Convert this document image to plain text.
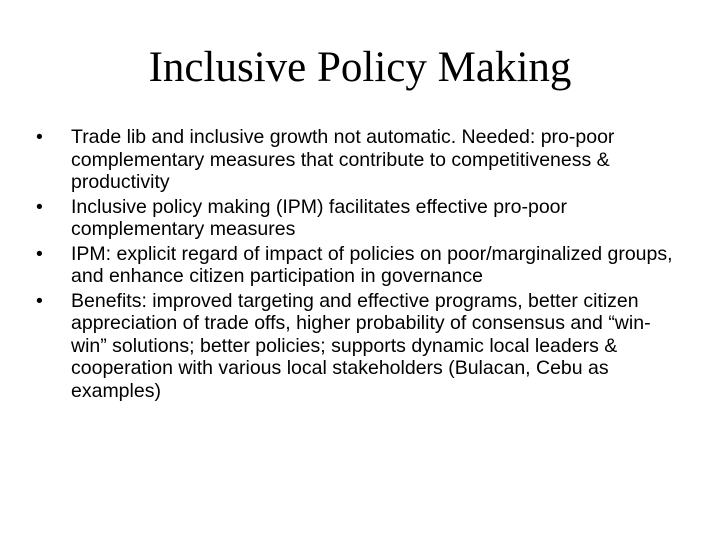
Inclusive Policy Making
•	Trade lib and inclusive growth not automatic. Needed: pro-poor complementary measures that contribute to competitiveness & productivity
•	Inclusive policy making (IPM) facilitates effective pro-poor complementary measures
•	IPM: explicit regard of impact of policies on poor/marginalized groups, and enhance citizen participation in governance
•	Benefits: improved targeting and effective programs, better citizen appreciation of trade offs, higher probability of consensus and “win-win” solutions; better policies; supports dynamic local leaders & cooperation with various local stakeholders (Bulacan, Cebu as examples)
